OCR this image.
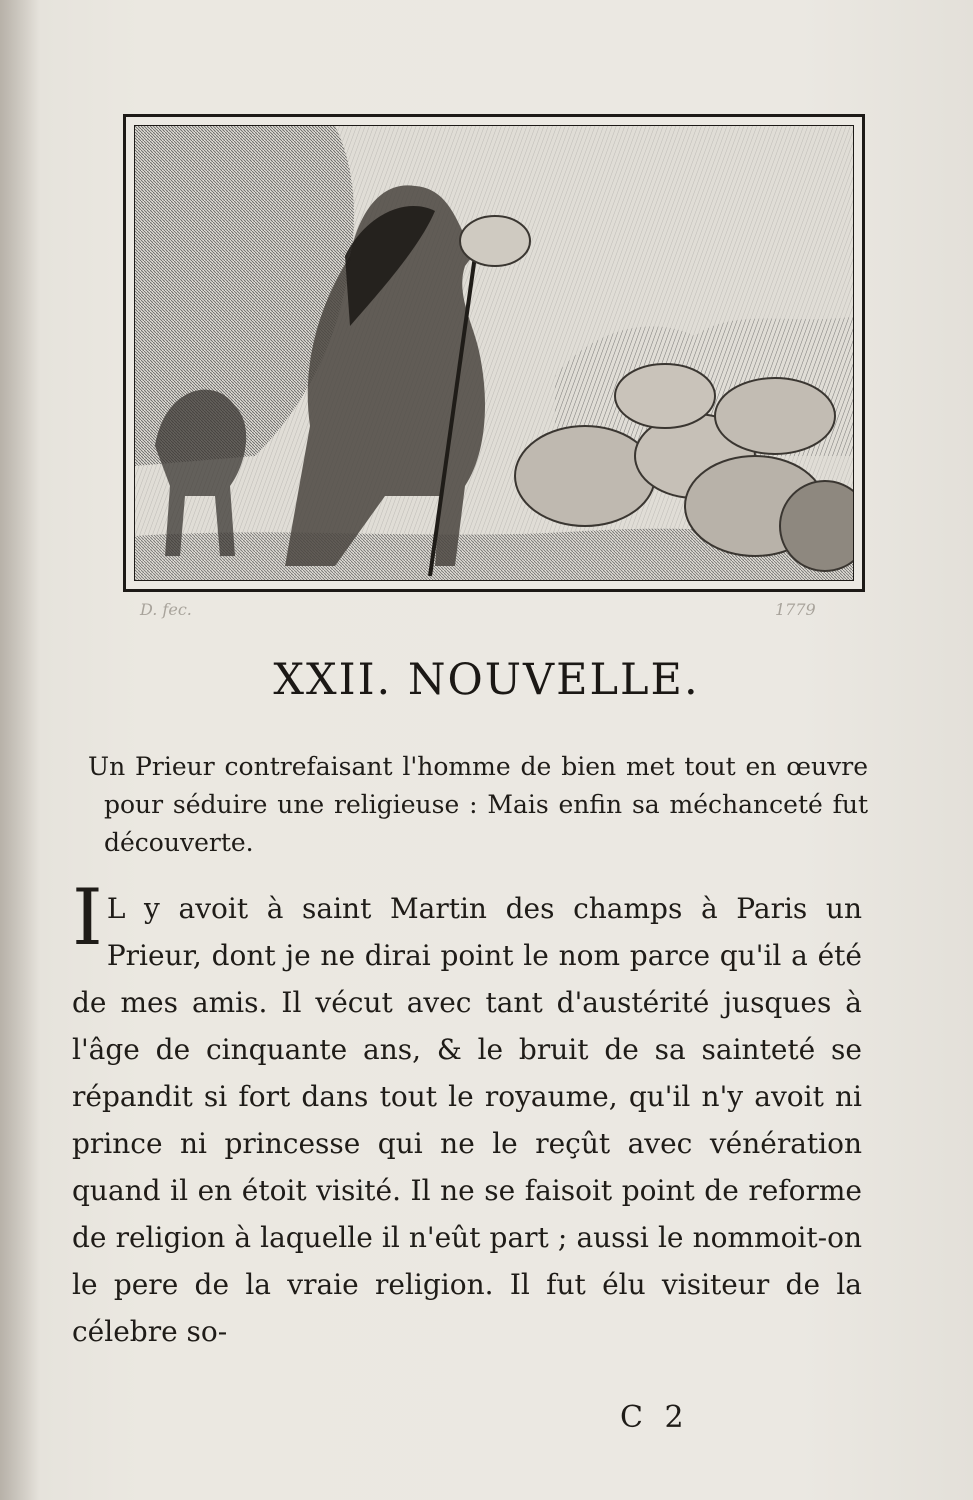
D. fec.	1779
XXII. NOUVELLE.
Un Prieur contrefaisant l'homme de bien met tout en œuvre pour séduire une religieuse : Mais enfin sa méchanceté fut découverte.
I L y avoit à saint Martin des champs à Paris un Prieur, dont je ne dirai point le nom parce qu'il a été de mes amis. Il vécut avec tant d'austérité jusques à l'âge de cinquante ans, & le bruit de sa sainteté se répandit si fort dans tout le royaume, qu'il n'y avoit ni prince ni princesse qui ne le reçût avec vénération quand il en étoit visité. Il ne se faisoit point de reforme de religion à laquelle il n'eût part ; aussi le nommoit-on le pere de la vraie religion. Il fut élu visiteur de la célebre so-
C 2
